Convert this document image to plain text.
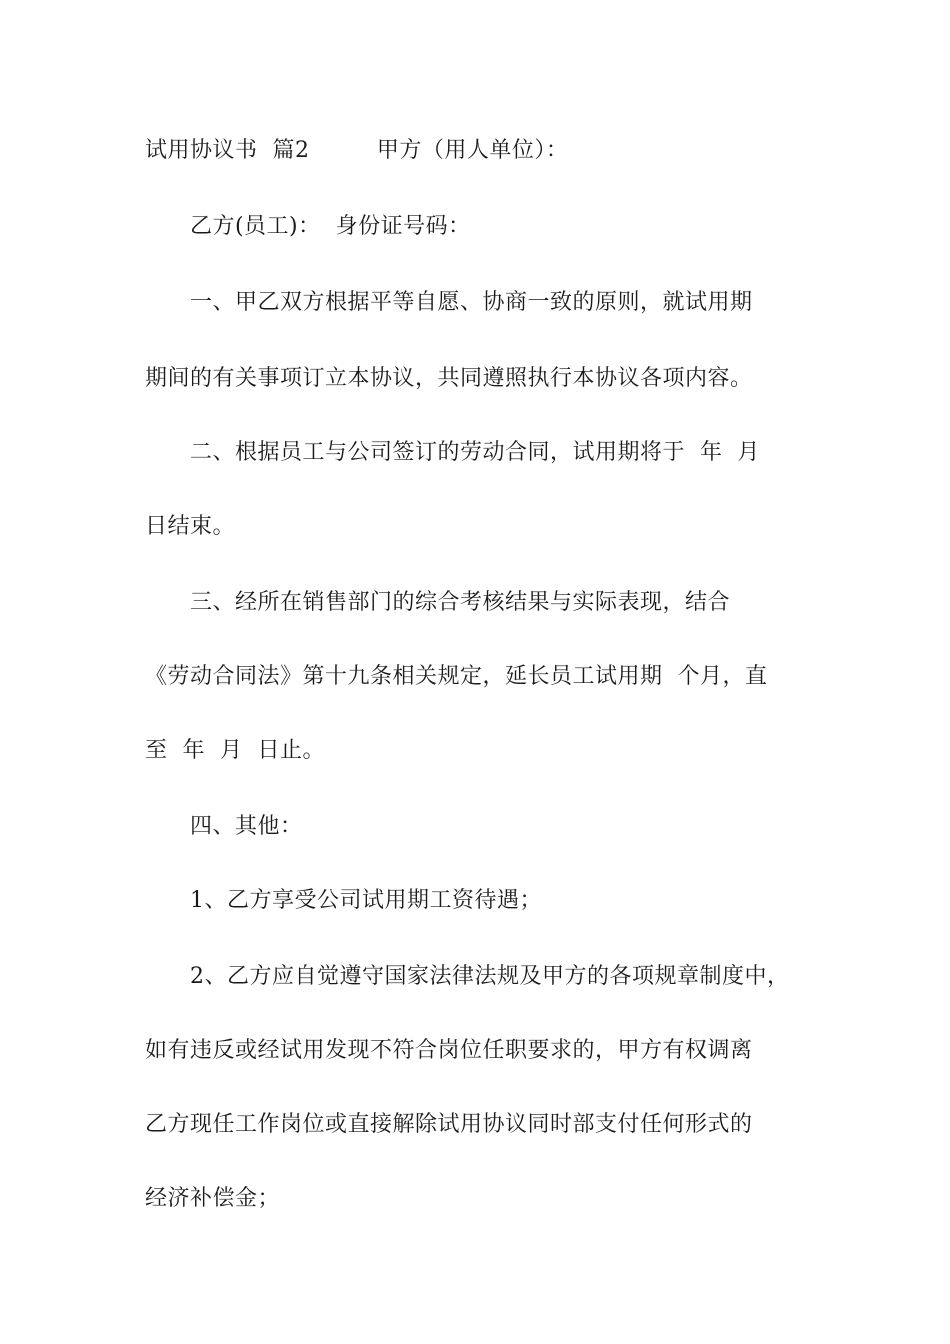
试用协议书  篇2         甲方（用人单位）：
乙方(员工)：  身份证号码：
一、甲乙双方根据平等自愿、协商一致的原则，就试用期
期间的有关事项订立本协议，共同遵照执行本协议各项内容。
二、根据员工与公司签订的劳动合同，试用期将于  年  月
日结束。
三、经所在销售部门的综合考核结果与实际表现，结合
《劳动合同法》第十九条相关规定，延长员工试用期  个月，直
至  年  月  日止。
四、其他：
1、乙方享受公司试用期工资待遇；
2、乙方应自觉遵守国家法律法规及甲方的各项规章制度中，
如有违反或经试用发现不符合岗位任职要求的，甲方有权调离
乙方现任工作岗位或直接解除试用协议同时部支付任何形式的
经济补偿金；
